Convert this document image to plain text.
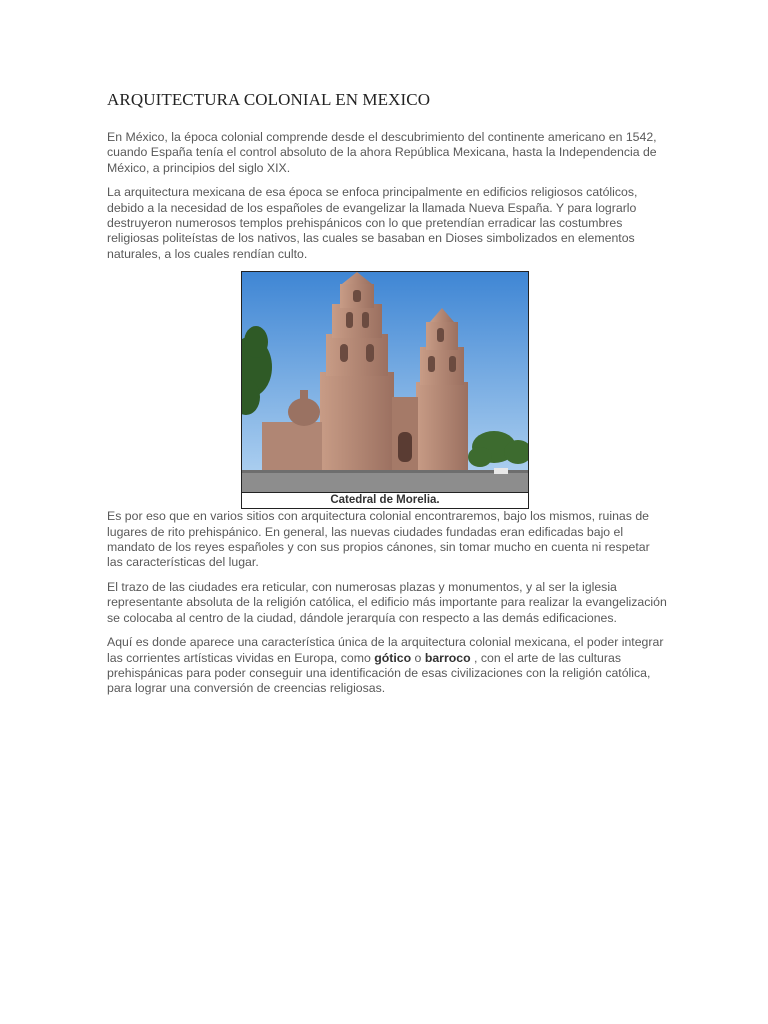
ARQUITECTURA COLONIAL EN MEXICO

En México, la época colonial comprende desde el descubrimiento del continente americano en 1542, cuando España tenía el control absoluto de la ahora República Mexicana, hasta la Independencia de México, a principios del siglo XIX.

La arquitectura mexicana de esa época se enfoca principalmente en edificios religiosos católicos, debido a la necesidad de los españoles de evangelizar la llamada Nueva España. Y para lograrlo destruyeron numerosos templos prehispánicos con lo que pretendían erradicar las costumbres religiosas politeístas de los nativos, las cuales se basaban en Dioses simbolizados en elementos naturales, a los cuales rendían culto.

Catedral de Morelia.

Es por eso que en varios sitios con arquitectura colonial encontraremos, bajo los mismos, ruinas de lugares de rito prehispánico. En general, las nuevas ciudades fundadas eran edificadas bajo el mandato de los reyes españoles y con sus propios cánones, sin tomar mucho en cuenta ni respetar las características del lugar.

El trazo de las ciudades era reticular, con numerosas plazas y monumentos, y al ser la iglesia representante absoluta de la religión católica, el edificio más importante para realizar la evangelización se colocaba al centro de la ciudad, dándole jerarquía con respecto a las demás edificaciones.

Aquí es donde aparece una característica única de la arquitectura colonial mexicana, el poder integrar las corrientes artísticas vividas en Europa, como gótico o barroco , con el arte de las culturas prehispánicas para poder conseguir una identificación de esas civilizaciones con la religión católica, para lograr una conversión de creencias religiosas.
